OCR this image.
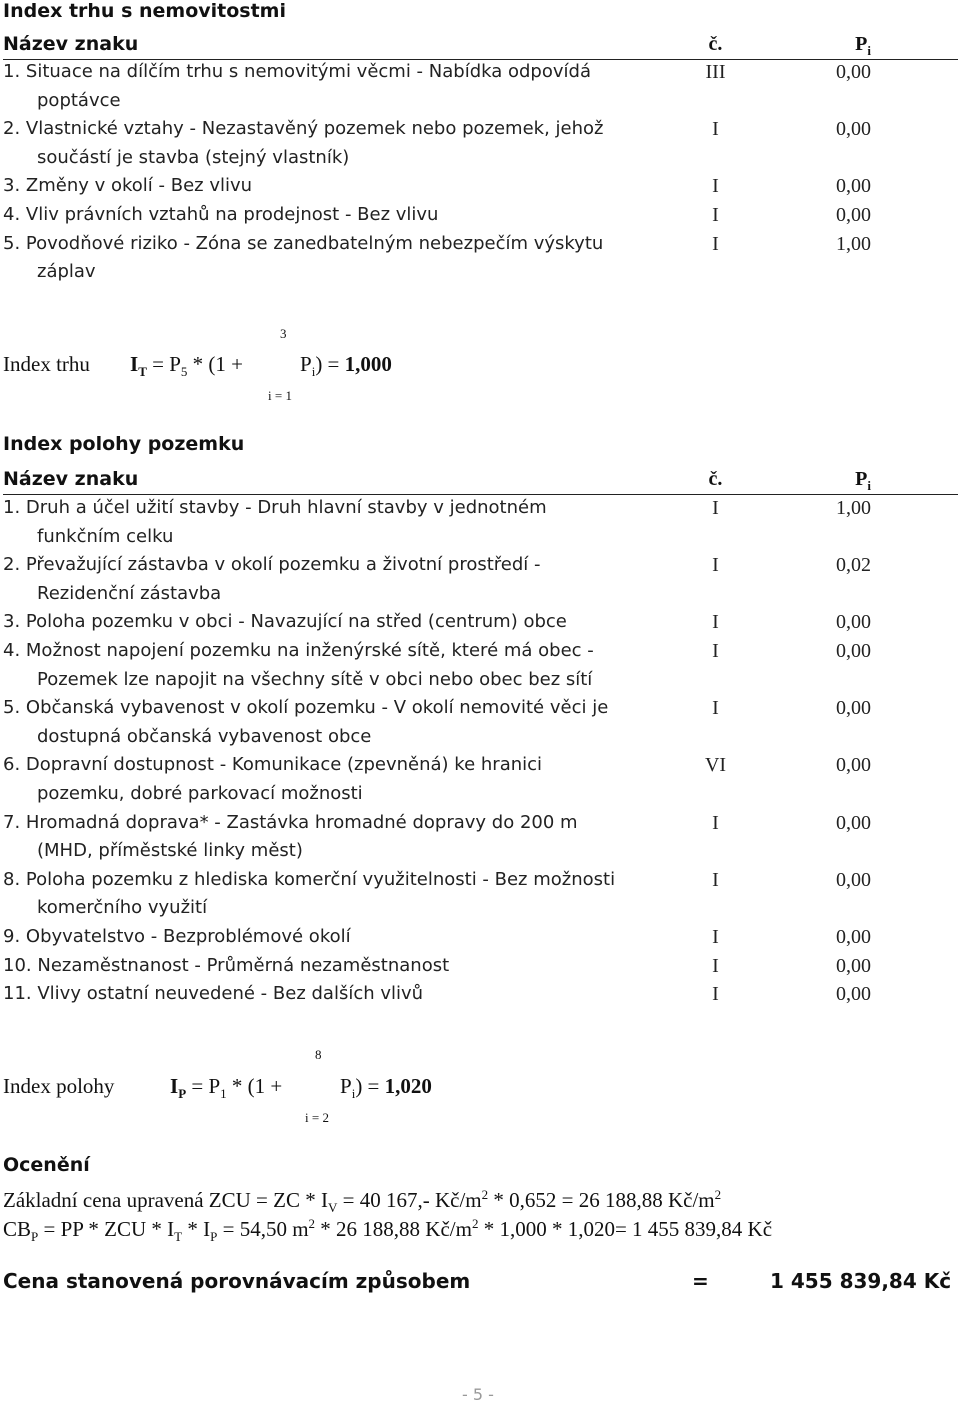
Index trhu s nemovitostmi
Název znaku	č.	$P_i$
1. Situace na dílčím trhu s nemovitými věcmi - Nabídka odpovídá	III	0,00
poptávce
2. Vlastnické vztahy - Nezastavěný pozemek nebo pozemek, jehož	I	0,00
součástí je stavba (stejný vlastník)
3. Změny v okolí - Bez vlivu	I	0,00
4. Vliv právních vztahů na prodejnost - Bez vlivu	I	0,00
5. Povodňové riziko - Zóna se zanedbatelným nebezpečím výskytu	I	1,00
záplav
3
Index trhu $I_T = P_5 * (1$ +	$P_i) = 1,000$
i = 1
Index polohy pozemku
Název znaku	č.	$P_i$
1. Druh a účel užití stavby - Druh hlavní stavby v jednotném	I	1,00
funkčním celku
2. Převažující zástavba v okolí pozemku a životní prostředí -	I	0,02
Rezidenční zástavba
3. Poloha pozemku v obci - Navazující na střed (centrum) obce	I	0,00
4. Možnost napojení pozemku na inženýrské sítě, které má obec -	I	0,00
Pozemek lze napojit na všechny sítě v obci nebo obec bez sítí
5. Občanská vybavenost v okolí pozemku - V okolí nemovité věci je	I	0,00
dostupná občanská vybavenost obce
6. Dopravní dostupnost - Komunikace (zpevněná) ke hranici	VI	0,00
pozemku, dobré parkovací možnosti
7. Hromadná doprava* - Zastávka hromadné dopravy do 200 m	I	0,00
(MHD, příměstské linky měst)
8. Poloha pozemku z hlediska komerční využitelnosti - Bez možnosti	I	0,00
komerčního využití
9. Obyvatelstvo - Bezproblémové okolí	I	0,00
10. Nezaměstnanost - Průměrná nezaměstnanost	I	0,00
11. Vlivy ostatní neuvedené - Bez dalších vlivů	I	0,00
8
Index polohy	$I_P = P_1 * (1$ +	$P_i) = 1,020$
i = 2
Ocenění
Základní cena upravená ZCU = ZC * $I_V = 40$ 167,- $Kč/m^2 * 0,652 = 26$ 188,88 $Kč/m^2$
$CB_P$ = PP * ZCU * $I_T * I_P = 54,50$ $m^2 * 26$ 188,88 $Kč/m^2 * 1,000 * 1,020= 1$ 455 839,84 Kč
Cena stanovená porovnávacím způsobem	=	1 455 839,84 Kč
- 5 -
